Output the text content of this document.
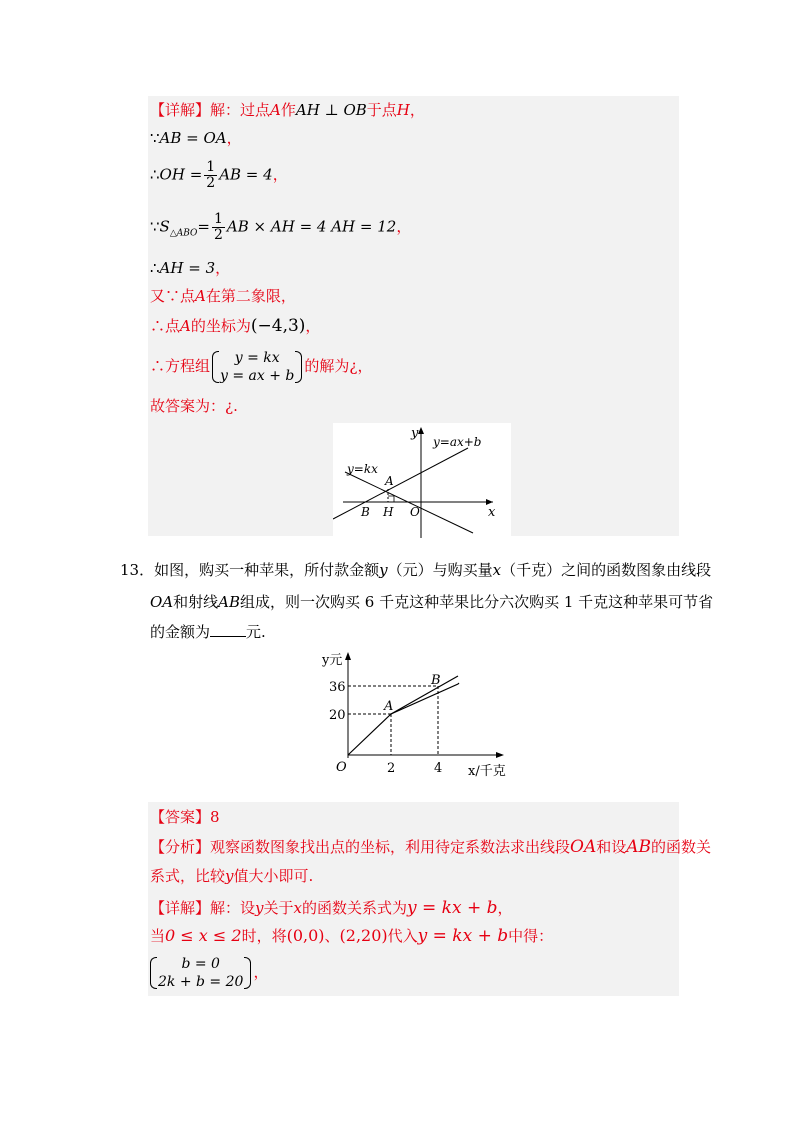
【详解】解：过点A作AH ⊥ OB于点H，
∵AB = OA，
∴OH = $\frac{1}{2}$ AB = 4，
$\because S_{\triangle ABO}= \frac{1}{2}$ AB × AH = 4 AH = 12，
∴AH = 3，
又∵点A在第二象限，
∴点A的坐标为(−4,3)，
∴方程组	y = kx
y = ax + b
的解为¿，
故答案为：¿.
y
x
y=ax+b
y=kx
A
B H O
13．如图，购买一种苹果，所付款金额y（元）与购买量x（千克）之间的函数图象由线段
OA和射线AB组成，则一次购买 6 千克这种苹果比分六次购买 1 千克这种苹果可节省
的金额为 元.
y元
x/千克
O
A
B
36
20
2	4
【答案】8
【分析】观察函数图象找出点的坐标，利用待定系数法求出线段OA和设AB的函数关
系式，比较y值大小即可.
【详解】解：设y关于x的函数关系式为y = kx + b，
当0 ≤ x ≤ 2时，将(0,0)、(2,20)代入y = kx + b中得：
b = 0
2k + b = 20
，
